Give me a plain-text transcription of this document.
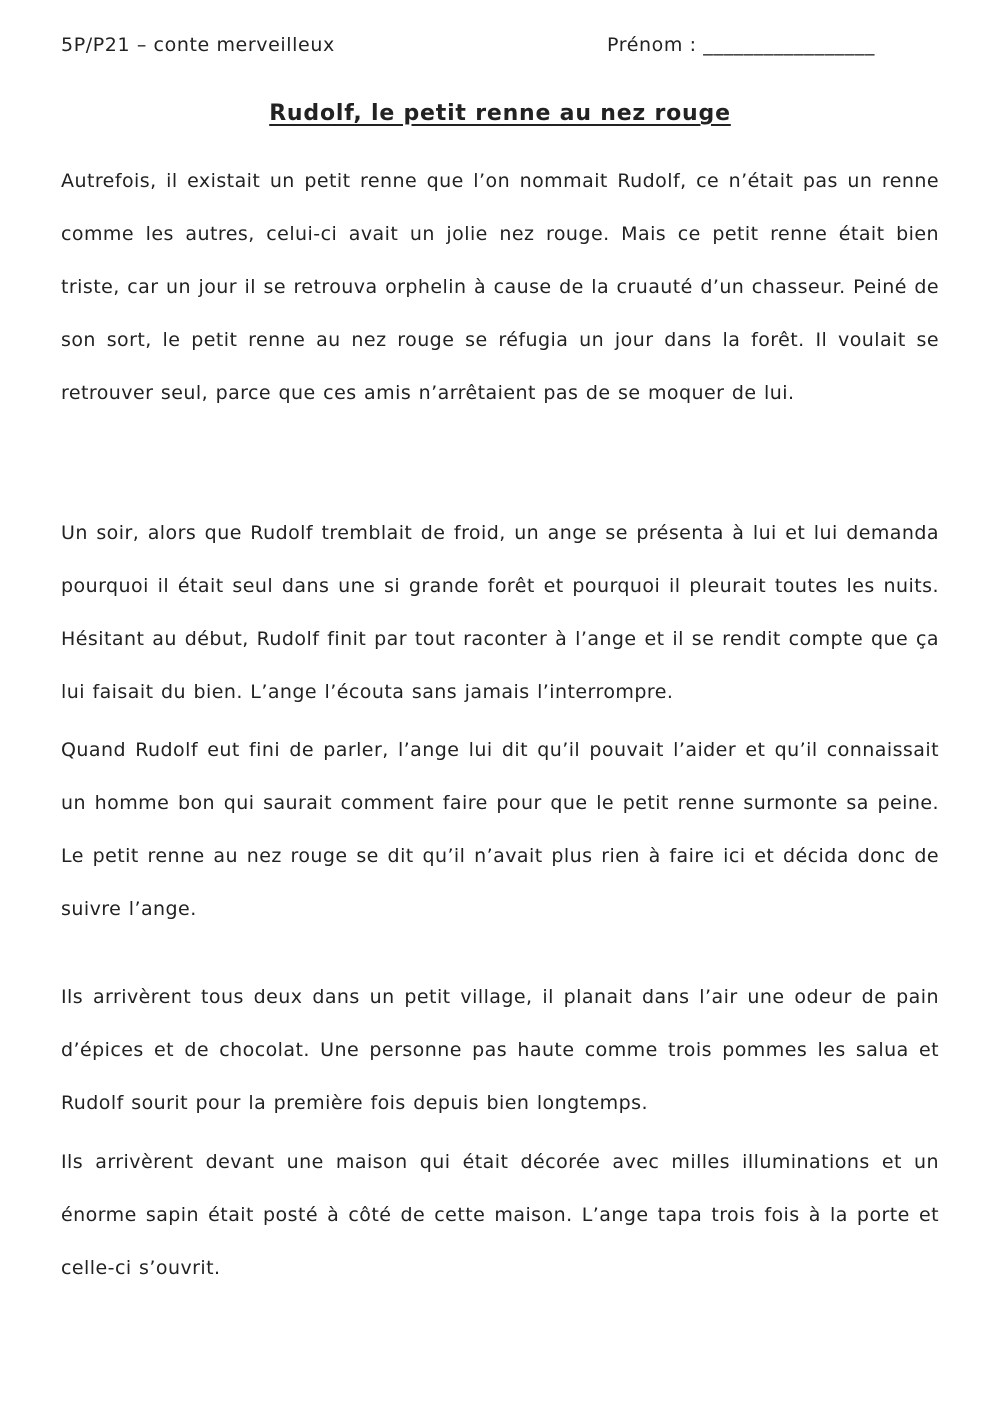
5P/P21 – conte merveilleux	Prénom : _________________
Rudolf, le petit renne au nez rouge

Autrefois, il existait un petit renne que l’on nommait Rudolf, ce n’était pas un renne comme les autres, celui-ci avait un jolie nez rouge. Mais ce petit renne était bien triste, car un jour il se retrouva orphelin à cause de la cruauté d’un chasseur. Peiné de son sort, le petit renne au nez rouge se réfugia un jour dans la forêt. Il voulait se retrouver seul, parce que ces amis n’arrêtaient pas de se moquer de lui.

Un soir, alors que Rudolf tremblait de froid, un ange se présenta à lui et lui demanda pourquoi il était seul dans une si grande forêt et pourquoi il pleurait toutes les nuits. Hésitant au début, Rudolf finit par tout raconter à l’ange et il se rendit compte que ça lui faisait du bien. L’ange l’écouta sans jamais l’interrompre.

Quand Rudolf eut fini de parler, l’ange lui dit qu’il pouvait l’aider et qu’il connaissait un homme bon qui saurait comment faire pour que le petit renne surmonte sa peine. Le petit renne au nez rouge se dit qu’il n’avait plus rien à faire ici et décida donc de suivre l’ange.

Ils arrivèrent tous deux dans un petit village, il planait dans l’air une odeur de pain d’épices et de chocolat. Une personne pas haute comme trois pommes les salua et Rudolf sourit pour la première fois depuis bien longtemps.

Ils arrivèrent devant une maison qui était décorée avec milles illuminations et un énorme sapin était posté à côté de cette maison. L’ange tapa trois fois à la porte et celle-ci s’ouvrit.
